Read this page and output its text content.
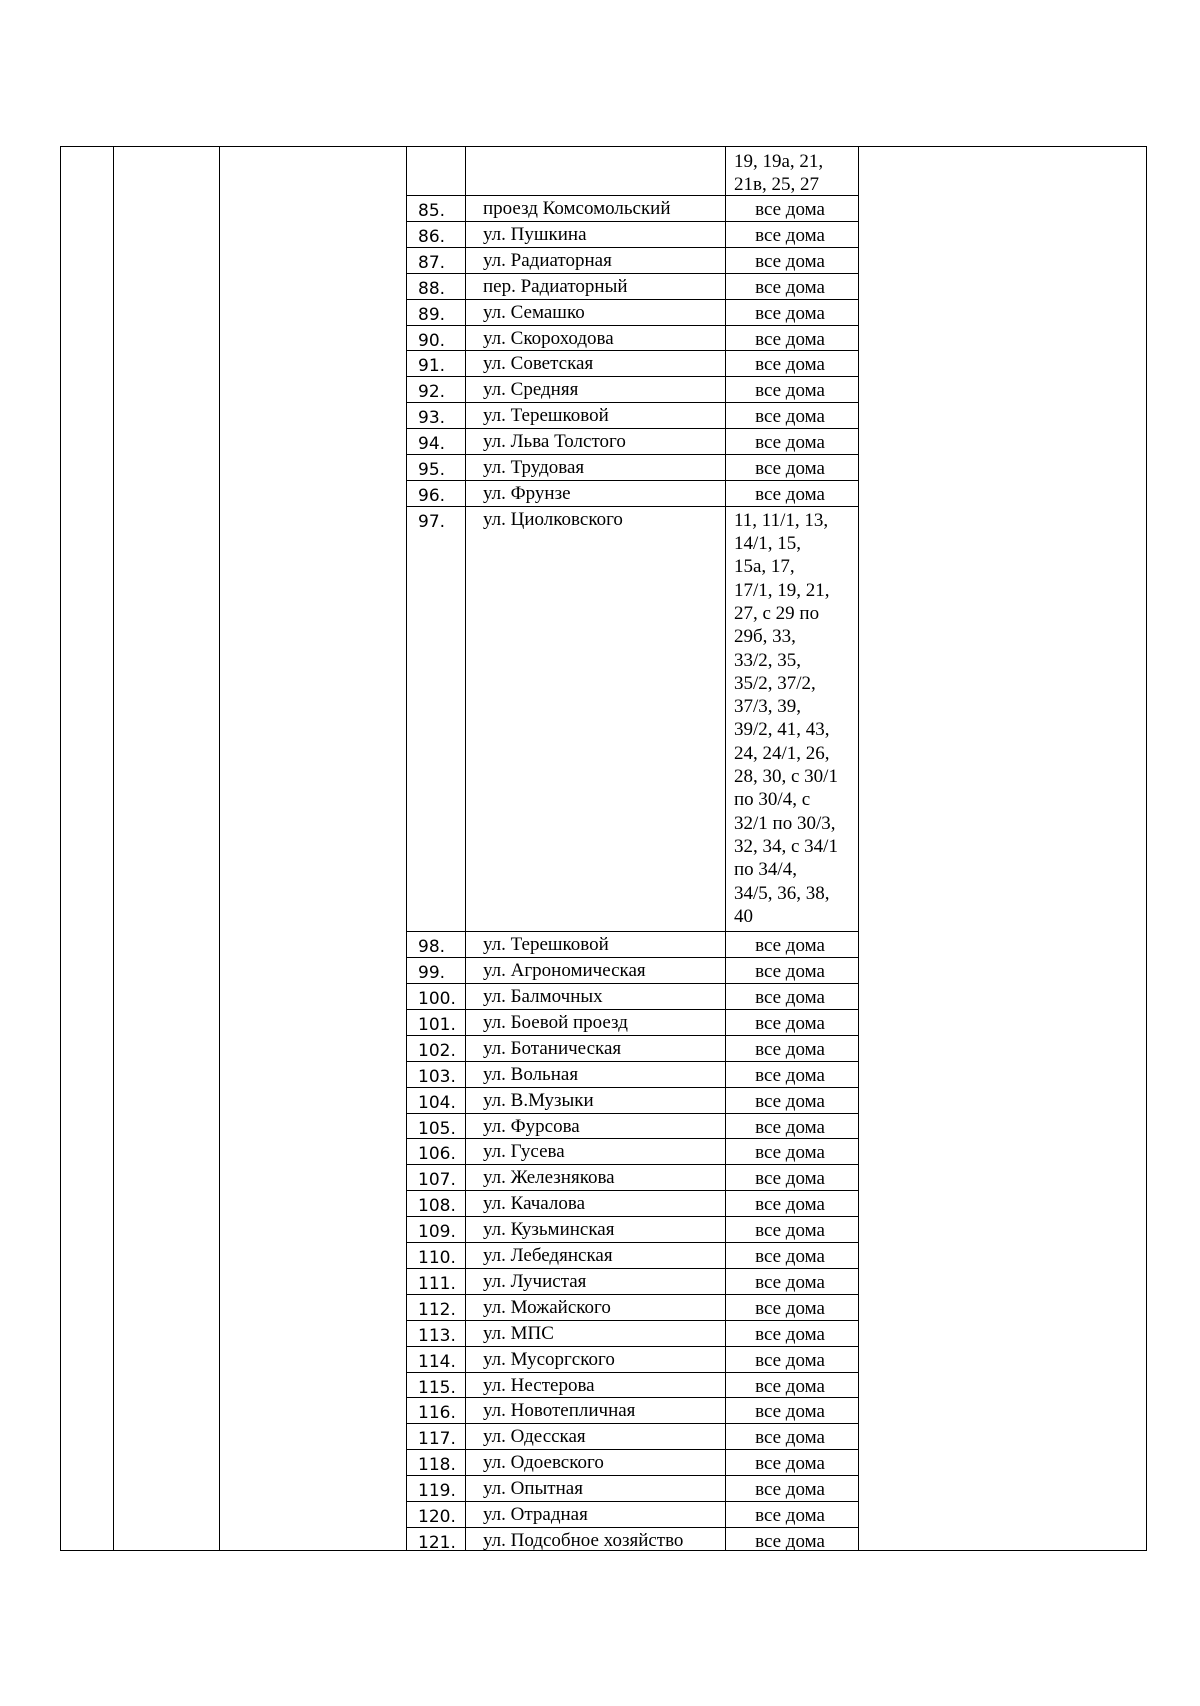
19, 19а, 21,
21в, 25, 27
85.	проезд Комсомольский	все дома
86.	ул. Пушкина	все дома
87.	ул. Радиаторная	все дома
88.	пер. Радиаторный	все дома
89.	ул. Семашко	все дома
90.	ул. Скороходова	все дома
91.	ул. Советская	все дома
92.	ул. Средняя	все дома
93.	ул. Терешковой	все дома
94.	ул. Льва Толстого	все дома
95.	ул. Трудовая	все дома
96.	ул. Фрунзе	все дома
97.	ул. Циолковского	11, 11/1, 13,
14/1, 15,
15а, 17,
17/1, 19, 21,
27, с 29 по
29б, 33,
33/2, 35,
35/2, 37/2,
37/3, 39,
39/2, 41, 43,
24, 24/1, 26,
28, 30, с 30/1
по 30/4, с
32/1 по 30/3,
32, 34, с 34/1
по 34/4,
34/5, 36, 38,
40
98.	ул. Терешковой	все дома
99.	ул. Агрономическая	все дома
100.	ул. Балмочных	все дома
101.	ул. Боевой проезд	все дома
102.	ул. Ботаническая	все дома
103.	ул. Вольная	все дома
104.	ул. В.Музыки	все дома
105.	ул. Фурсова	все дома
106.	ул. Гусева	все дома
107.	ул. Железнякова	все дома
108.	ул. Качалова	все дома
109.	ул. Кузьминская	все дома
110.	ул. Лебедянская	все дома
111.	ул. Лучистая	все дома
112.	ул. Можайского	все дома
113.	ул. МПС	все дома
114.	ул. Мусоргского	все дома
115.	ул. Нестерова	все дома
116.	ул. Новотепличная	все дома
117.	ул. Одесская	все дома
118.	ул. Одоевского	все дома
119.	ул. Опытная	все дома
120.	ул. Отрадная	все дома
121.	ул. Подсобное хозяйство	все дома
